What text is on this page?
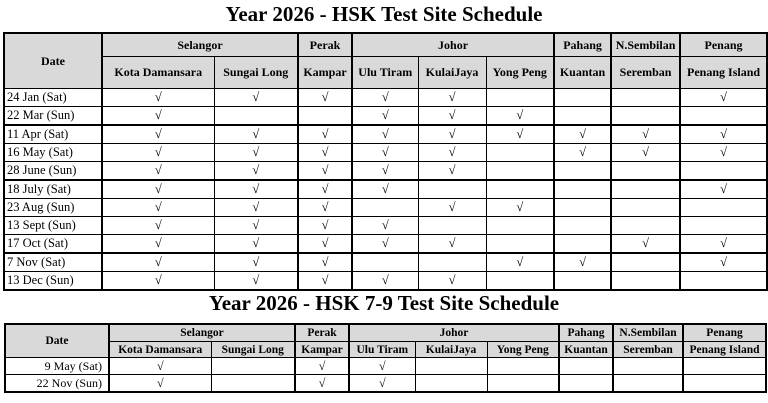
Year 2026 - HSK Test Site Schedule
Date	Selangor		Perak	Johor			Pahang	N.Sembilan	Penang
	Kota Damansara	Sungai Long	Kampar	Ulu Tiram	KulaiJaya	Yong Peng	Kuantan	Seremban	Penang Island
24 Jan (Sat)	√	√	√	√	√				√
22 Mar (Sun)	√			√	√	√			
11 Apr (Sat)	√	√	√	√	√	√	√	√	√
16 May (Sat)	√	√	√	√	√		√	√	√
28 June (Sun)	√	√	√	√	√				
18 July (Sat)	√	√	√	√					√
23 Aug (Sun)	√	√	√		√	√			
13 Sept (Sun)	√	√	√	√					
17 Oct (Sat)	√	√	√	√	√			√	√
7 Nov (Sat)	√	√	√			√	√		√
13 Dec (Sun)	√	√	√	√	√				
Year 2026 - HSK 7-9 Test Site Schedule
Date	Selangor		Perak	Johor			Pahang	N.Sembilan	Penang
	Kota Damansara	Sungai Long	Kampar	Ulu Tiram	KulaiJaya	Yong Peng	Kuantan	Seremban	Penang Island
9 May (Sat)	√		√	√					
22 Nov (Sun)	√		√	√					
